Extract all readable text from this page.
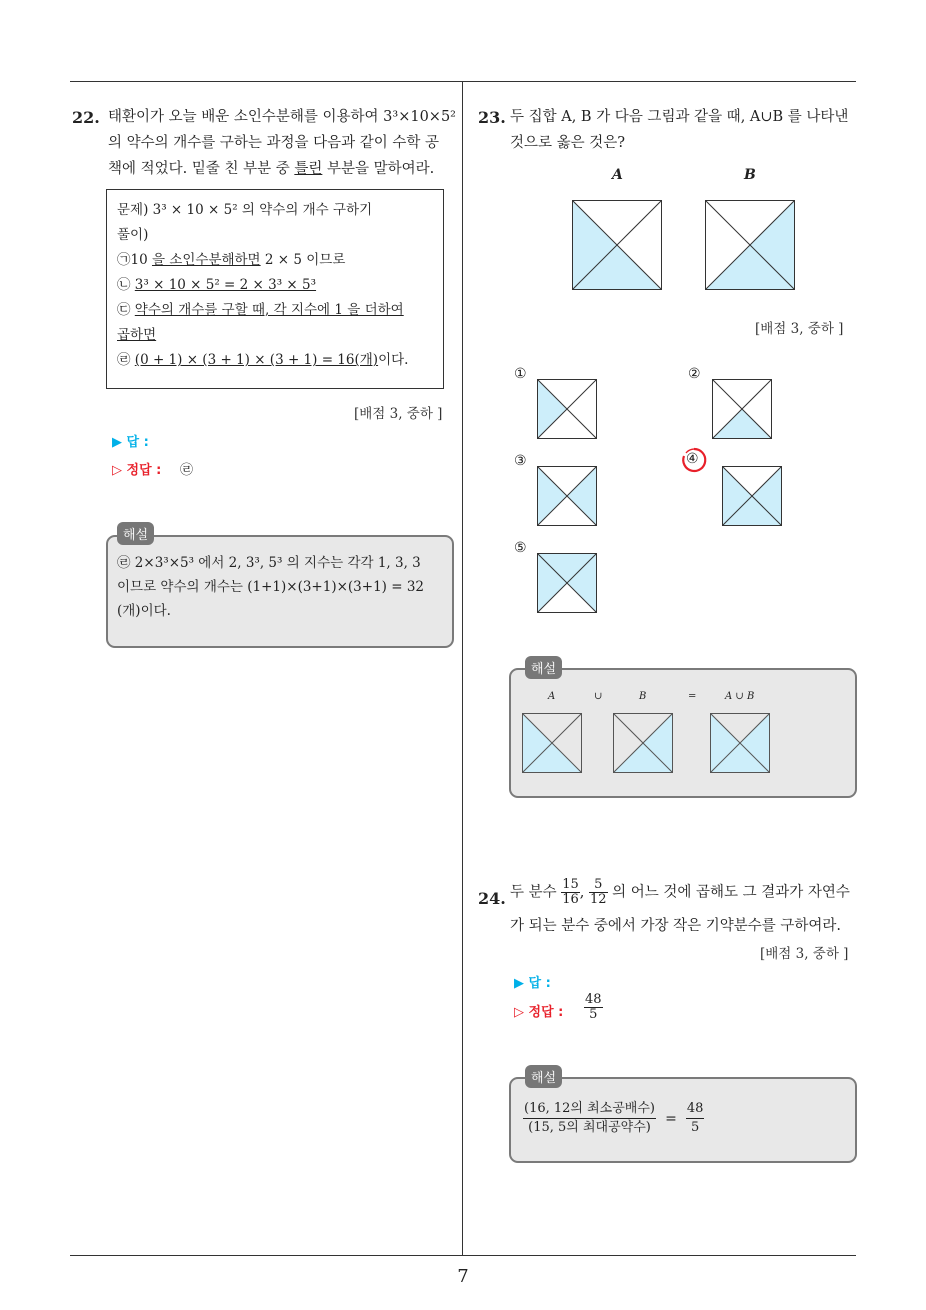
22. 태환이가 오늘 배운 소인수분해를 이용하여 3³×10×5²
의 약수의 개수를 구하는 과정을 다음과 같이 수학 공
책에 적었다. 밑줄 친 부분 중 틀린 부분을 말하여라.
문제) 3³ × 10 × 5² 의 약수의 개수 구하기
풀이)
㉠10 을 소인수분해하면 2 × 5 이므로
㉡ 3³ × 10 × 5² = 2 × 3³ × 5³
㉢ 약수의 개수를 구할 때, 각 지수에 1 을 더하여
곱하면
㉣ (0 + 1) × (3 + 1) × (3 + 1) = 16(개)이다.
[배점 3, 중하 ]
▶ 답 :
▷ 정답 : ㉣
해설
㉣ 2×3³×5³ 에서 2, 3³, 5³ 의 지수는 각각 1, 3, 3
이므로 약수의 개수는 (1+1)×(3+1)×(3+1) = 32
(개)이다.
23. 두 집합 A, B 가 다음 그림과 같을 때, A∪B 를 나타낸
것으로 옳은 것은?
A	B
[배점 3, 중하 ]
①	②
③	④
⑤
해설
A	∪	B	=	A ∪ B
24. 두 분수 $\frac{15}{16}$ , $\frac{5}{12}$ 의 어느 것에 곱해도 그 결과가 자연수
가 되는 분수 중에서 가장 작은 기약분수를 구하여라.
[배점 3, 중하 ]
▶ 답 :
▷ 정답 : $\frac{48}{5}$
해설
$\frac{\text{(16, 12의 최소공배수)}}{\text{(15, 5의 최대공약수)}} = \frac{48}{5}$
7
